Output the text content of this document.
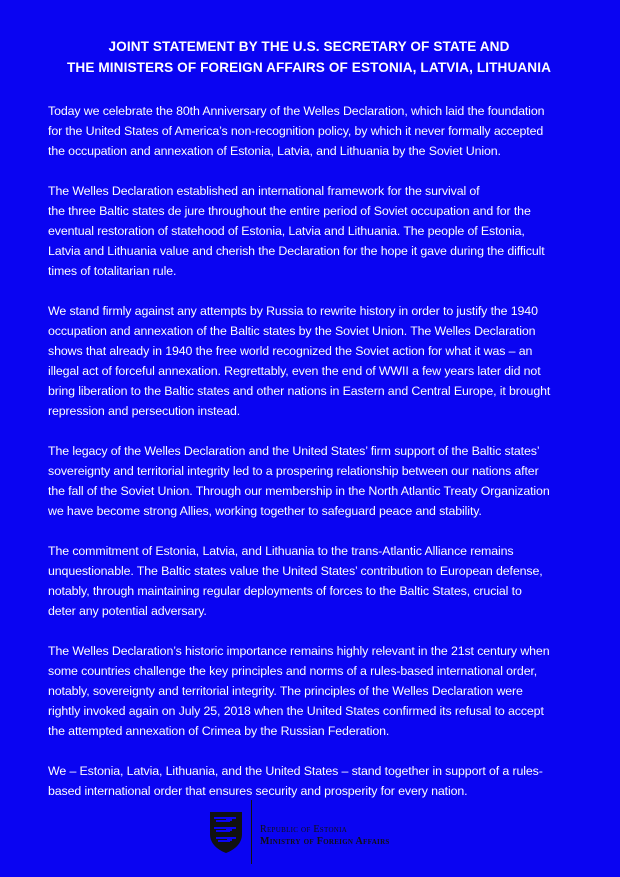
JOINT STATEMENT BY THE U.S. SECRETARY OF STATE AND
THE MINISTERS OF FOREIGN AFFAIRS OF ESTONIA, LATVIA, LITHUANIA

Today we celebrate the 80th Anniversary of the Welles Declaration, which laid the foundation
for the United States of America’s non-recognition policy, by which it never formally accepted
the occupation and annexation of Estonia, Latvia, and Lithuania by the Soviet Union.

The Welles Declaration established an international framework for the survival of
the three Baltic states de jure throughout the entire period of Soviet occupation and for the
eventual restoration of statehood of Estonia, Latvia and Lithuania. The people of Estonia,
Latvia and Lithuania value and cherish the Declaration for the hope it gave during the difficult
times of totalitarian rule.

We stand firmly against any attempts by Russia to rewrite history in order to justify the 1940
occupation and annexation of the Baltic states by the Soviet Union. The Welles Declaration
shows that already in 1940 the free world recognized the Soviet action for what it was – an
illegal act of forceful annexation. Regrettably, even the end of WWII a few years later did not
bring liberation to the Baltic states and other nations in Eastern and Central Europe, it brought
repression and persecution instead.

The legacy of the Welles Declaration and the United States’ firm support of the Baltic states’
sovereignty and territorial integrity led to a prospering relationship between our nations after
the fall of the Soviet Union. Through our membership in the North Atlantic Treaty Organization
we have become strong Allies, working together to safeguard peace and stability.

The commitment of Estonia, Latvia, and Lithuania to the trans-Atlantic Alliance remains
unquestionable. The Baltic states value the United States’ contribution to European defense,
notably, through maintaining regular deployments of forces to the Baltic States, crucial to
deter any potential adversary.

The Welles Declaration’s historic importance remains highly relevant in the 21st century when
some countries challenge the key principles and norms of a rules-based international order,
notably, sovereignty and territorial integrity. The principles of the Welles Declaration were
rightly invoked again on July 25, 2018 when the United States confirmed its refusal to accept
the attempted annexation of Crimea by the Russian Federation.

We – Estonia, Latvia, Lithuania, and the United States – stand together in support of a rules-
based international order that ensures security and prosperity for every nation.

Republic of Estonia
Ministry of Foreign Affairs
